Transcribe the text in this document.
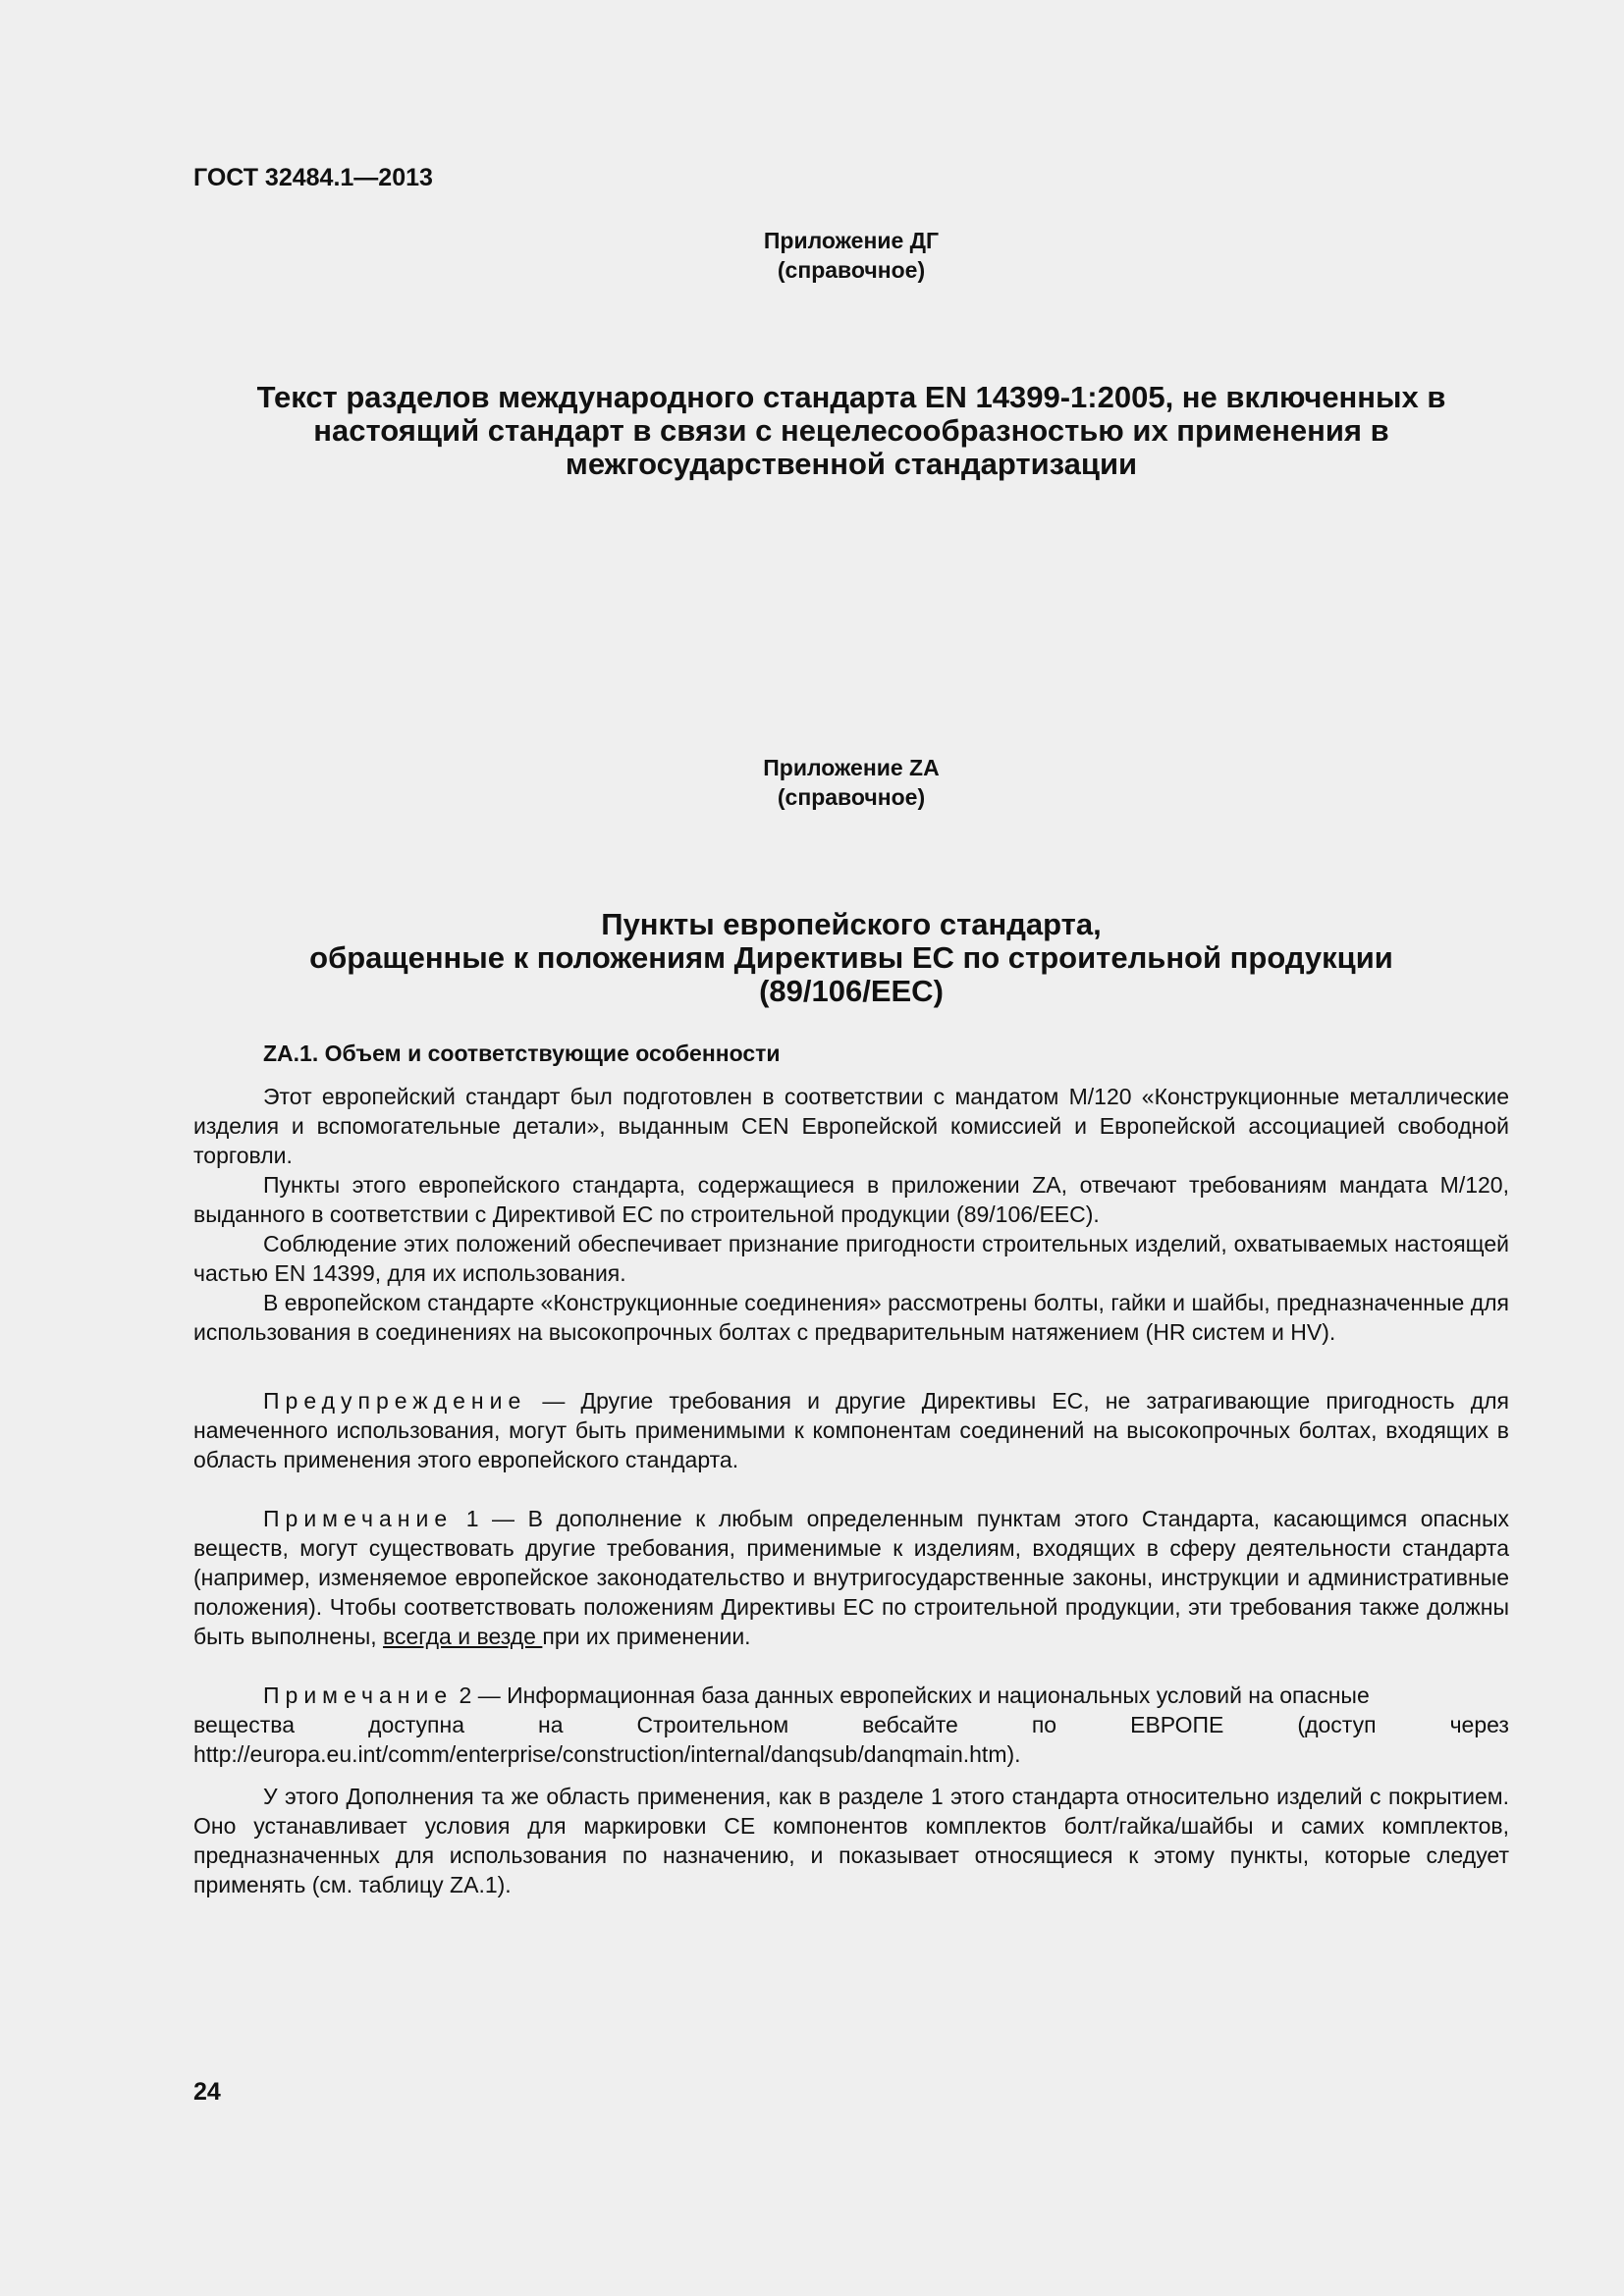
ГОСТ 32484.1—2013
Приложение ДГ
(справочное)
Текст разделов международного стандарта EN 14399-1:2005, не включенных в
настоящий стандарт в связи с нецелесообразностью их применения в
межгосударственной стандартизации
Приложение ZA
(справочное)
Пункты европейского стандарта,
обращенные к положениям Директивы ЕС по строительной продукции
(89/106/EEC)
ZA.1. Объем и соответствующие особенности

Этот европейский стандарт был подготовлен в соответствии с мандатом M/120 «Конструкционные металлические изделия и вспомогательные детали», выданным CEN Европейской комиссией и Европейской ассоциацией свободной торговли.

Пункты этого европейского стандарта, содержащиеся в приложении ZA, отвечают требованиям мандата M/120, выданного в соответствии с Директивой ЕС по строительной продукции (89/106/EEC).

Соблюдение этих положений обеспечивает признание пригодности строительных изделий, охватываемых настоящей частью EN 14399, для их использования.

В европейском стандарте «Конструкционные соединения» рассмотрены болты, гайки и шайбы, предназначенные для использования в соединениях на высокопрочных болтах с предварительным натяжением (HR систем и HV).

Предупреждение — Другие требования и другие Директивы ЕС, не затрагивающие пригодность для намеченного использования, могут быть применимыми к компонентам соединений на высокопрочных болтах, входящих в область применения этого европейского стандарта.

Примечание 1 — В дополнение к любым определенным пунктам этого Стандарта, касающимся опасных веществ, могут существовать другие требования, применимые к изделиям, входящих в сферу деятельности стандарта (например, изменяемое европейское законодательство и внутригосударственные законы, инструкции и административные положения). Чтобы соответствовать положениям Директивы ЕС по строительной продукции, эти требования также должны быть выполнены, всегда и везде при их применении.

Примечание 2 — Информационная база данных европейских и национальных условий на опасные

вещества	доступна	на	Строительном	вебсайте	по	ЕВРОПЕ	(доступ	через
http://europa.eu.int/comm/enterprise/construction/internal/danqsub/danqmain.htm).

У этого Дополнения та же область применения, как в разделе 1 этого стандарта относительно изделий с покрытием. Оно устанавливает условия для маркировки CE компонентов комплектов болт/гайка/шайбы и самих комплектов, предназначенных для использования по назначению, и показывает относящиеся к этому пункты, которые следует применять (см. таблицу ZA.1).

24
